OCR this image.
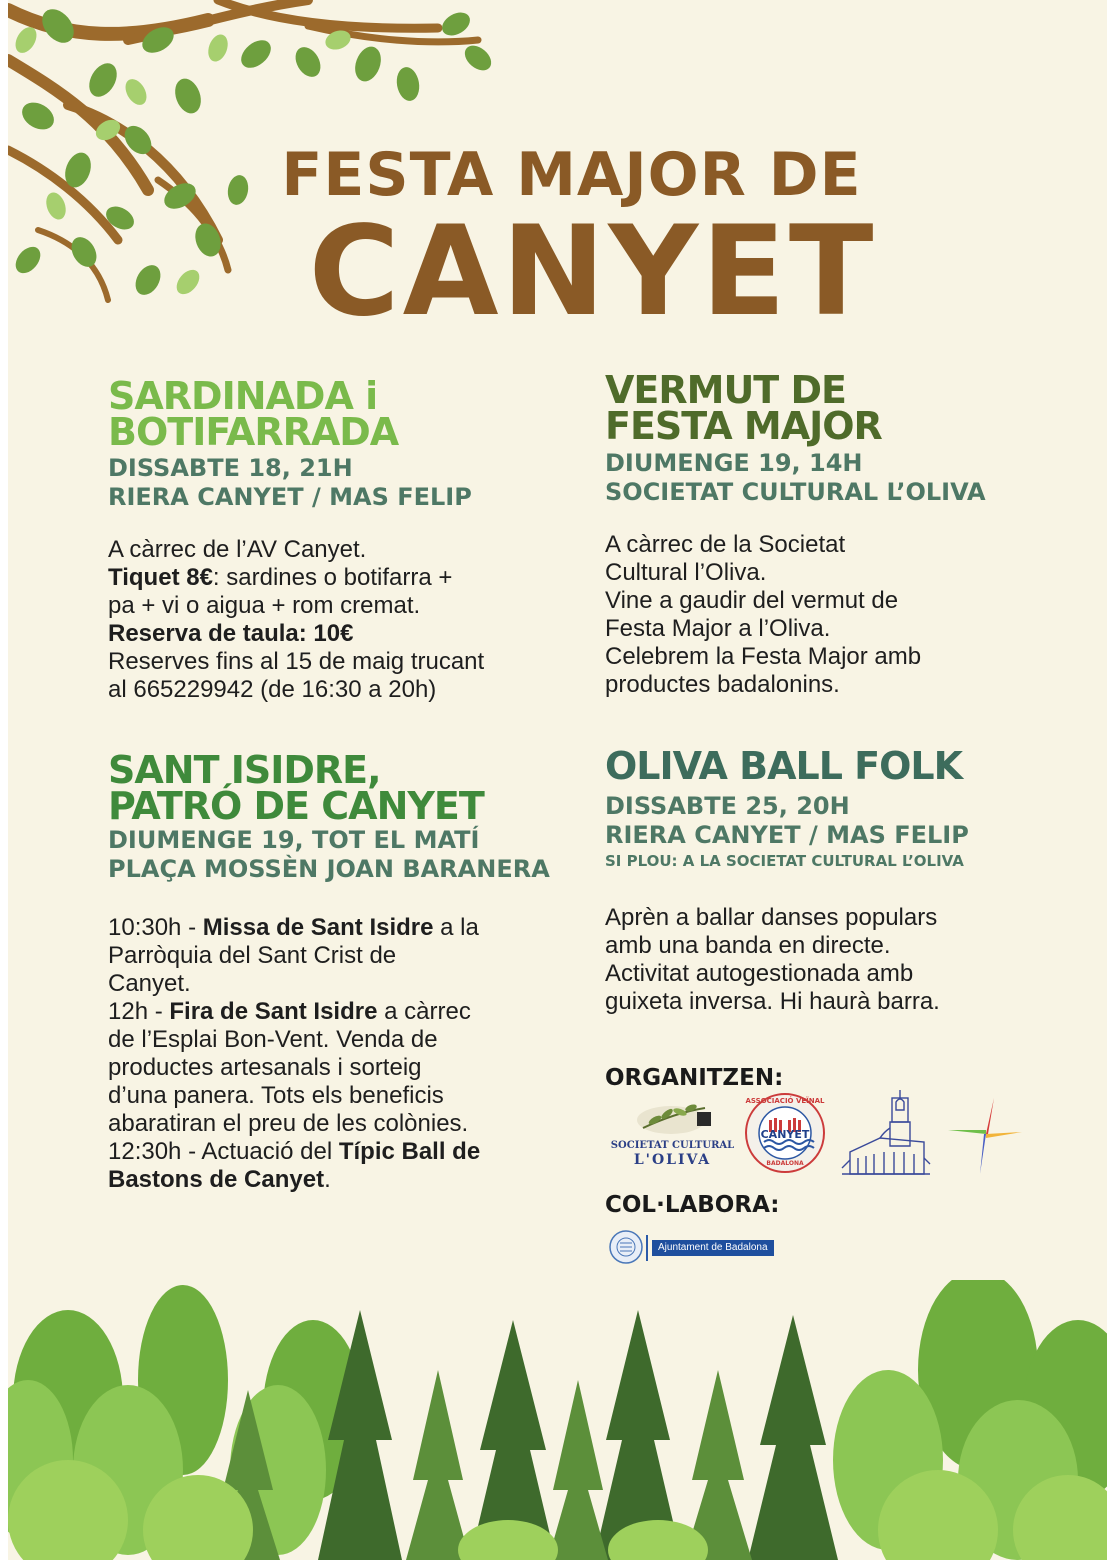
FESTA MAJOR DE
CANYET
SARDINADA i
BOTIFARRADA
DISSABTE 18, 21H
RIERA CANYET / MAS FELIP
A càrrec de l’AV Canyet.
Tiquet 8€: sardines o botifarra +
pa + vi o aigua + rom cremat.
Reserva de taula: 10€
Reserves fins al 15 de maig trucant
al 665229942 (de 16:30 a 20h)
VERMUT DE
FESTA MAJOR
DIUMENGE 19, 14H
SOCIETAT CULTURAL L’OLIVA
A càrrec de la Societat
Cultural l’Oliva.
Vine a gaudir del vermut de
Festa Major a l’Oliva.
Celebrem la Festa Major amb
productes badalonins.
SANT ISIDRE,
PATRÓ DE CANYET
DIUMENGE 19, TOT EL MATÍ
PLAÇA MOSSÈN JOAN BARANERA
10:30h - Missa de Sant Isidre a la
Parròquia del Sant Crist de
Canyet.
12h - Fira de Sant Isidre a càrrec
de l’Esplai Bon-Vent. Venda de
productes artesanals i sorteig
d’una panera. Tots els beneficis
abaratiran el preu de les colònies.
12:30h - Actuació del Típic Ball de
Bastons de Canyet.
OLIVA BALL FOLK
DISSABTE 25, 20H
RIERA CANYET / MAS FELIP
SI PLOU: A LA SOCIETAT CULTURAL L’OLIVA
Aprèn a ballar danses populars
amb una banda en directe.
Activitat autogestionada amb
guixeta inversa. Hi haurà barra.
ORGANITZEN:
SOCIETAT CULTURAL
L'OLIVA
ASSOCIACIÓ VEÏNAL
CANYET
BADALONA
COL·LABORA:
Ajuntament de Badalona
